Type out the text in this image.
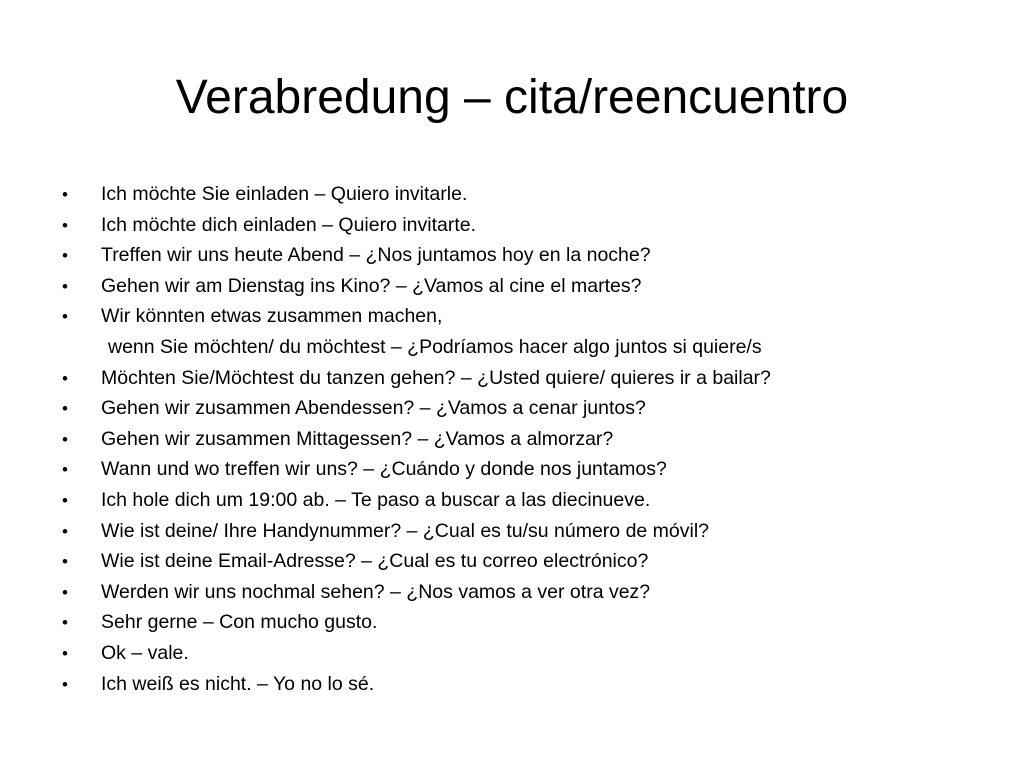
Verabredung – cita/reencuentro
•	Ich möchte Sie einladen – Quiero invitarle.
•	Ich möchte dich einladen – Quiero invitarte.
•	Treffen wir uns heute Abend – ¿Nos juntamos hoy en la noche?
•	Gehen wir am Dienstag ins Kino? – ¿Vamos al cine el martes?
•	Wir könnten etwas zusammen machen,
wenn Sie möchten/ du möchtest – ¿Podríamos hacer algo juntos si quiere/s
•	Möchten Sie/Möchtest du tanzen gehen? – ¿Usted quiere/ quieres ir a bailar?
•	Gehen wir zusammen Abendessen? – ¿Vamos a cenar juntos?
•	Gehen wir zusammen Mittagessen? – ¿Vamos a almorzar?
•	Wann und wo treffen wir uns? – ¿Cuándo y donde nos juntamos?
•	Ich hole dich um 19:00 ab. – Te paso a buscar a las diecinueve.
•	Wie ist deine/ Ihre Handynummer? – ¿Cual es tu/su número de móvil?
•	Wie ist deine Email-Adresse? – ¿Cual es tu correo electrónico?
•	Werden wir uns nochmal sehen? – ¿Nos vamos a ver otra vez?
•	Sehr gerne – Con mucho gusto.
•	Ok – vale.
•	Ich weiß es nicht. – Yo no lo sé.
